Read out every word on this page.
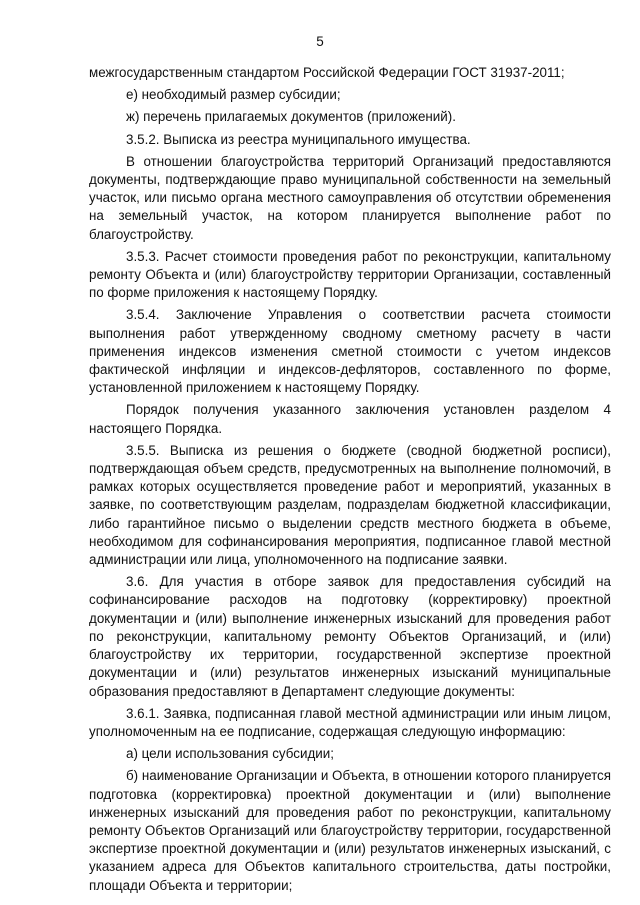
5

межгосударственным стандартом Российской Федерации ГОСТ 31937-2011;

е) необходимый размер субсидии;

ж) перечень прилагаемых документов (приложений).

3.5.2. Выписка из реестра муниципального имущества.

В отношении благоустройства территорий Организаций предоставляются документы, подтверждающие право муниципальной собственности на земельный участок, или письмо органа местного самоуправления об отсутствии обременения на земельный участок, на котором планируется выполнение работ по благоустройству.

3.5.3. Расчет стоимости проведения работ по реконструкции, капитальному ремонту Объекта и (или) благоустройству территории Организации, составленный по форме приложения к настоящему Порядку.

3.5.4. Заключение Управления о соответствии расчета стоимости выполнения работ утвержденному сводному сметному расчету в части применения индексов изменения сметной стоимости с учетом индексов фактической инфляции и индексов-дефляторов, составленного по форме, установленной приложением к настоящему Порядку.

Порядок получения указанного заключения установлен разделом 4 настоящего Порядка.

3.5.5. Выписка из решения о бюджете (сводной бюджетной росписи), подтверждающая объем средств, предусмотренных на выполнение полномочий, в рамках которых осуществляется проведение работ и мероприятий, указанных в заявке, по соответствующим разделам, подразделам бюджетной классификации, либо гарантийное письмо о выделении средств местного бюджета в объеме, необходимом для софинансирования мероприятия, подписанное главой местной администрации или лица, уполномоченного на подписание заявки.

3.6. Для участия в отборе заявок для предоставления субсидий на софинансирование расходов на подготовку (корректировку) проектной документации и (или) выполнение инженерных изысканий для проведения работ по реконструкции, капитальному ремонту Объектов Организаций, и (или) благоустройству их территории, государственной экспертизе проектной документации и (или) результатов инженерных изысканий муниципальные образования предоставляют в Департамент следующие документы:

3.6.1. Заявка, подписанная главой местной администрации или иным лицом, уполномоченным на ее подписание, содержащая следующую информацию:

а) цели использования субсидии;

б) наименование Организации и Объекта, в отношении которого планируется подготовка (корректировка) проектной документации и (или) выполнение инженерных изысканий для проведения работ по реконструкции, капитальному ремонту Объектов Организаций или благоустройству территории, государственной экспертизе проектной документации и (или) результатов инженерных изысканий, с указанием адреса для Объектов капитального строительства, даты постройки, площади Объекта и территории;
